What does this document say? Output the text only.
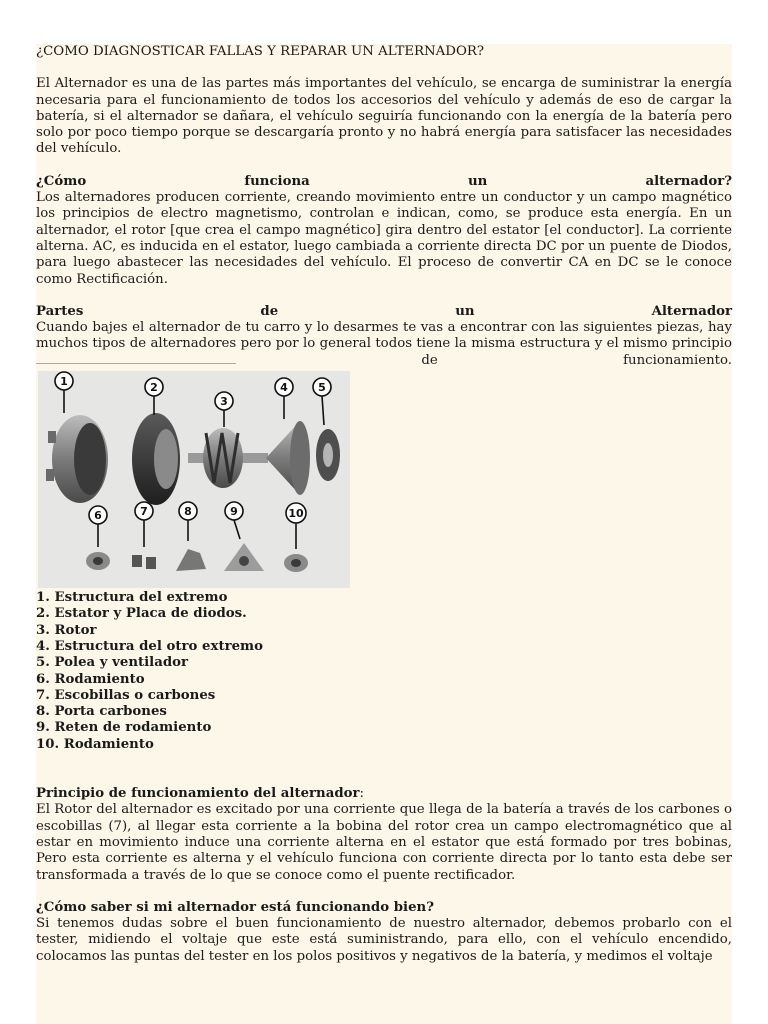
¿COMO DIAGNOSTICAR FALLAS Y REPARAR UN ALTERNADOR?

El Alternador es una de las partes más importantes del vehículo, se encarga de suministrar la energía necesaria para el funcionamiento de todos los accesorios del vehículo y además de eso de cargar la batería, si el alternador se dañara, el vehículo seguiría funcionando con la energía de la batería pero solo por poco tiempo porque se descargaría pronto y no habrá energía para satisfacer las necesidades del vehículo.

¿Cómo funciona un alternador?

Los alternadores producen corriente, creando movimiento entre un conductor y un campo magnético los principios de electro magnetismo, controlan e indican, como, se produce esta energía. En un alternador, el rotor [que crea el campo magnético] gira dentro del estator [el conductor]. La corriente alterna. AC, es inducida en el estator, luego cambiada a corriente directa DC por un puente de Diodos, para luego abastecer las necesidades del vehículo. El proceso de convertir CA en DC se le conoce como Rectificación.

Partes de un Alternador

Cuando bajes el alternador de tu carro y lo desarmes te vas a encontrar con las siguientes piezas, hay muchos tipos de alternadores pero por lo general todos tiene la misma estructura y el mismo principio  de funcionamiento.

1	2
3
4	5
6	7	8	9	10
1. Estructura del extremo
2. Estator y Placa de diodos.
3. Rotor
4. Estructura del otro extremo
5. Polea y ventilador
6. Rodamiento
7. Escobillas o carbones
8. Porta carbones
9. Reten de rodamiento
10. Rodamiento

Principio de funcionamiento del alternador:

El Rotor del alternador es excitado por una corriente que llega de la batería a través de los carbones o escobillas (7), al llegar esta corriente a la bobina del rotor crea un campo electromagnético que al estar en movimiento induce una corriente alterna en el estator que está formado por tres bobinas, Pero esta corriente es alterna y el vehículo funciona con corriente directa por lo tanto esta debe ser transformada a través de lo que se conoce como el puente rectificador.

¿Cómo saber si mi alternador está funcionando bien?

Si tenemos dudas sobre el buen funcionamiento de nuestro alternador, debemos probarlo con el tester, midiendo el voltaje que este está suministrando, para ello, con el vehículo encendido, colocamos las puntas del tester en los polos positivos y negativos de la batería, y medimos el voltaje
